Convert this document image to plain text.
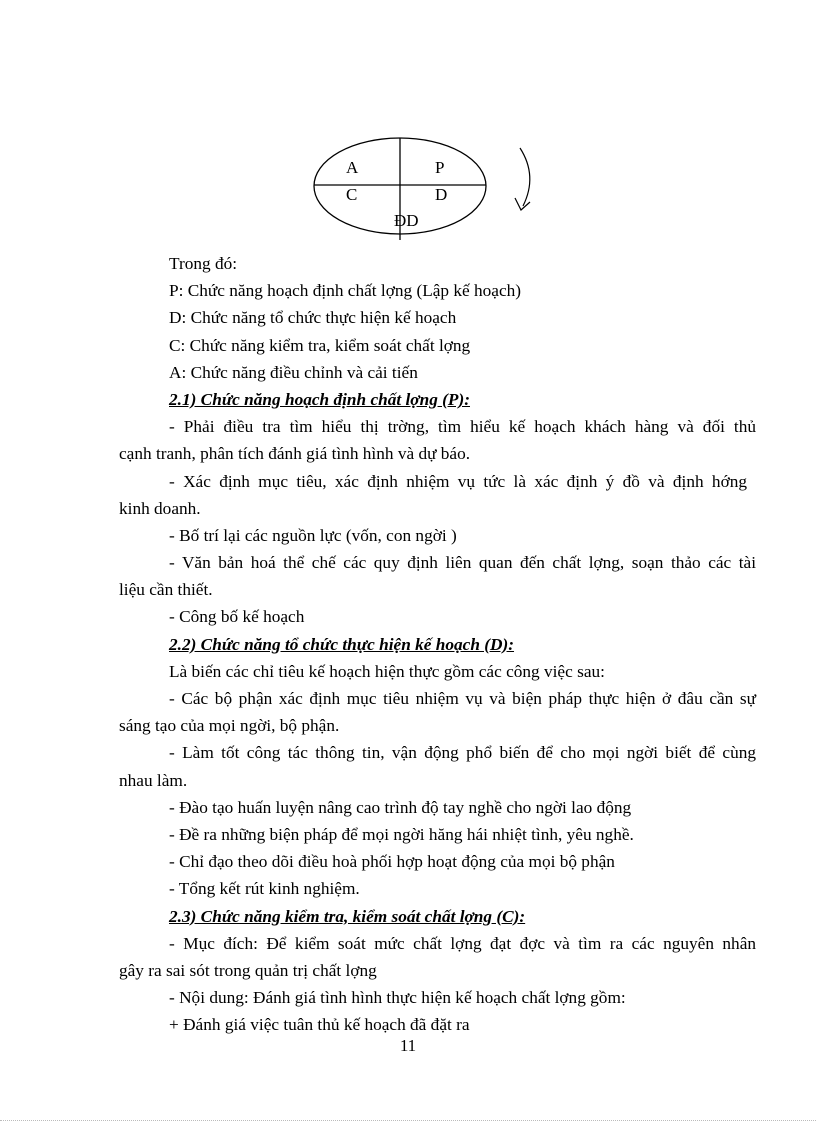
A	P
C	D
ĐD
Trong đó:
P: Chức năng hoạch định chất lợng (Lập kế hoạch)
D: Chức năng tổ chức thực hiện kế hoạch
C: Chức năng kiểm tra, kiểm soát chất lợng
A: Chức năng điều chỉnh và cải tiến
2.1) Chức năng hoạch định chất lợng (P):
- Phải điều tra tìm hiểu thị trờng, tìm hiểu kế hoạch khách hàng và đối thủ
cạnh tranh, phân tích đánh giá tình hình và dự báo.
- Xác định mục tiêu, xác định nhiệm vụ tức là xác định ý đồ và định hớng
kinh doanh.
- Bố trí lại các nguồn lực (vốn, con ngời )
- Văn bản hoá thể chế các quy định liên quan đến chất lợng, soạn thảo các tài
liệu cần thiết.
- Công bố kế hoạch
2.2) Chức năng tổ chức thực hiện kế hoạch (D):
Là biến các chỉ tiêu kế hoạch hiện thực gồm các công việc sau:
- Các bộ phận xác định mục tiêu nhiệm vụ và biện pháp thực hiện ở đâu cần sự
sáng tạo của mọi ngời, bộ phận.
- Làm tốt công tác thông tin, vận động phổ biến để cho mọi ngời biết để cùng
nhau làm.
- Đào tạo huấn luyện nâng cao trình độ tay nghề cho ngời lao động
- Đề ra những biện pháp để mọi ngời hăng hái nhiệt tình, yêu nghề.
- Chỉ đạo theo dõi điều hoà phối hợp hoạt động của mọi bộ phận
- Tổng kết rút kinh nghiệm.
2.3) Chức năng kiểm tra, kiểm soát chất lợng (C):
- Mục đích: Để kiểm soát mức chất lợng đạt đợc và tìm ra các nguyên nhân
gây ra sai sót trong quản trị chất lợng
- Nội dung: Đánh giá tình hình thực hiện kế hoạch chất lợng gồm:
+ Đánh giá việc tuân thủ kế hoạch đã đặt ra
11
